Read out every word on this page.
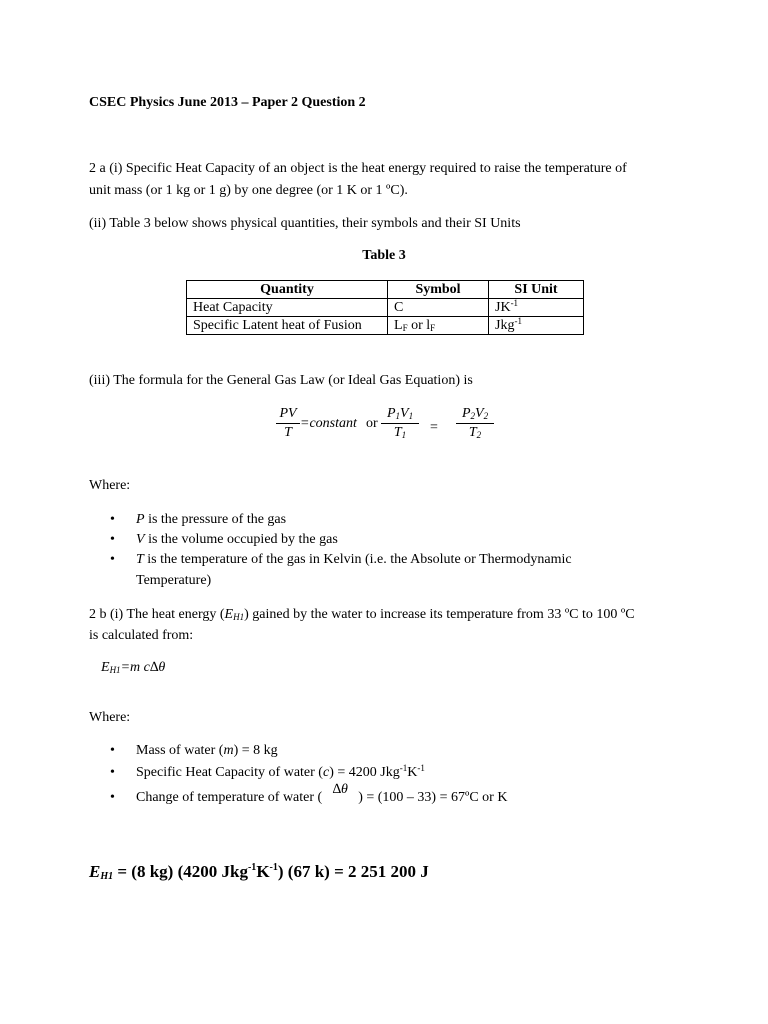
CSEC Physics June 2013 – Paper 2 Question 2
2 a (i) Specific Heat Capacity of an object is the heat energy required to raise the temperature of
unit mass (or 1 kg or 1 g) by one degree (or 1 K or 1 ºC).
(ii) Table 3 below shows physical quantities, their symbols and their SI Units
Table 3
Quantity	Symbol	SI Unit
Heat Capacity	C	$JK^{-1}$
Specific Latent heat of Fusion	$L_F$ or $l_F$	Jkg$^{-1}$
(iii) The formula for the General Gas Law (or Ideal Gas Equation) is
PV
T
=constant or
$P_1V_1$
$T_1$	=
$P_2V_2$
$T_2$
Where:
• P is the pressure of the gas
• V is the volume occupied by the gas
• T is the temperature of the gas in Kelvin (i.e. the Absolute or Thermodynamic
Temperature)
2 b (i) The heat energy $(E_{H1})$ gained by the water to increase its temperature from 33 ºC to 100 ºC
is calculated from:
$E_{H1}=m$ c∆θ
Where:
• Mass of water (m) = 8 kg
• Specific Heat Capacity of water (c) = 4200 $Jkg^{-1}K^{-1}$
• Change of temperature of water (∆θ) = (100 – 33) = 67ºC or K
$E_{H1} = (8$ kg) (4200 $Jkg^{-1}K^{-1}$) (67 k) = 2 251 200 J
